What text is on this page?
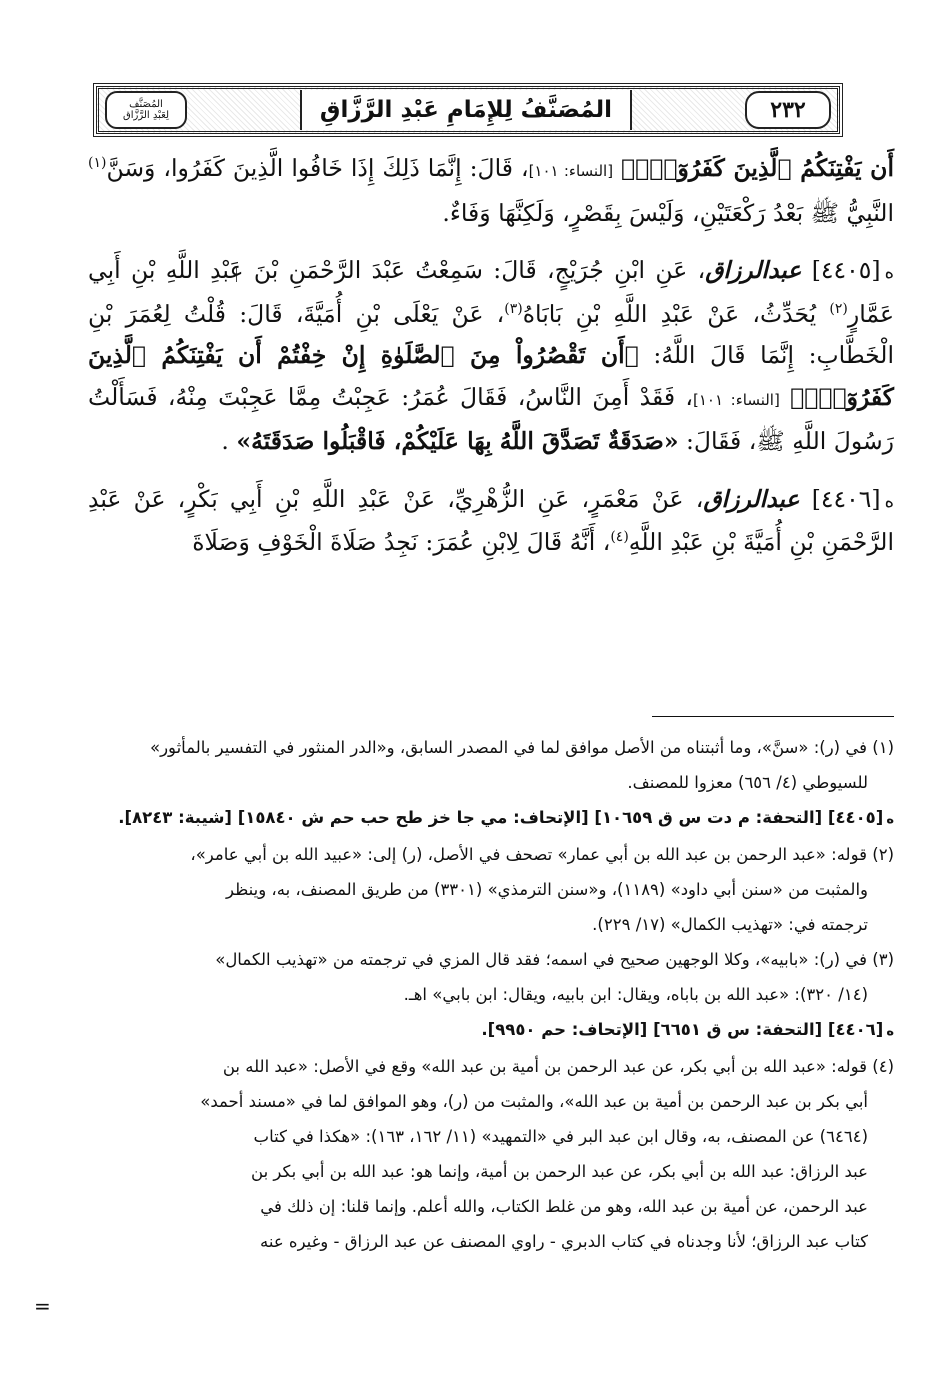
المُصَنَّف
لِعَبْدِ الرَّزَّاق	المُصَنَّفُ لِلإِمَامِ عَبْدِ الرَّزَّاقِ	٢٣٢

أَن يَفْتِنَكُمُ ٱلَّذِينَ كَفَرُوٓاْۚ﴾ [النساء: ١٠١]، قَالَ: إِنَّمَا ذَلِكَ إِذَا خَافُوا الَّذِينَ كَفَرُوا، وَسَنَّ$^{(١)}$ النَّبِيُّ ﷺ بَعْدُ رَكْعَتَيْنِ، وَلَيْسَ بِقَصْرٍ، وَلَكِنَّهَا وَفَاءٌ.

ه[٤٤٠٥] عبدالرزاق، عَنِ ابْنِ جُرَيْجٍ، قَالَ: سَمِعْتُ عَبْدَ الرَّحْمَنِ بْنَ عَبْدِ اللَّهِ بْنِ أَبِي عَمَّارٍ$^{(٢)}$ يُحَدِّثُ، عَنْ عَبْدِ اللَّهِ بْنِ بَابَاهُ$^{(٣)}$، عَنْ يَعْلَى بْنِ أُمَيَّةَ، قَالَ: قُلْتُ لِعُمَرَ بْنِ الْخَطَّابِ: إِنَّمَا قَالَ اللَّهُ: ﴿أَن تَقْصُرُواْ مِنَ ٱلصَّلَوٰةِ إِنْ خِفْتُمْ أَن يَفْتِنَكُمُ ٱلَّذِينَ كَفَرُوٓاْۚ﴾ [النساء: ١٠١]، فَقَدْ أَمِنَ النَّاسُ، فَقَالَ عُمَرُ: عَجِبْتُ مِمَّا عَجِبْتَ مِنْهُ، فَسَأَلْتُ رَسُولَ اللَّهِ ﷺ، فَقَالَ: «صَدَقَةٌ تَصَدَّقَ اللَّهُ بِهَا عَلَيْكُمْ، فَاقْبَلُوا صَدَقَتَهُ» .

ه[٤٤٠٦] عبدالرزاق، عَنْ مَعْمَرٍ، عَنِ الزُّهْرِيِّ، عَنْ عَبْدِ اللَّهِ بْنِ أَبِي بَكْرٍ، عَنْ عَبْدِ الرَّحْمَنِ بْنِ أُمَيَّةَ بْنِ عَبْدِ اللَّهِ$^{(٤)}$، أَنَّهُ قَالَ لِابْنِ عُمَرَ: نَجِدُ صَلَاةَ الْخَوْفِ وَصَلَاةَ

(١) في (ر): «سنَّ»، وما أثبتناه من الأصل موافق لما في المصدر السابق، و«الدر المنثور في التفسير بالمأثور»

للسيوطي (٤/ ٦٥٦) معزوا للمصنف.

ه[٤٤٠٥] [التحفة: م دت س ق ١٠٦٥٩] [الإتحاف: مي جا خز طح حب حم ش ١٥٨٤٠] [شيبة: ٨٢٤٣].

(٢) قوله: «عبد الرحمن بن عبد الله بن أبي عمار» تصحف في الأصل، (ر) إلى: «عبيد الله بن أبي عامر»،

والمثبت من «سنن أبي داود» (١١٨٩)، و«سنن الترمذي» (٣٣٠١) من طريق المصنف، به، وينظر

ترجمته في: «تهذيب الكمال» (١٧/ ٢٢٩).

(٣) في (ر): «بابيه»، وكلا الوجهين صحيح في اسمه؛ فقد قال المزي في ترجمته من «تهذيب الكمال»

(١٤/ ٣٢٠): «عبد الله بن باباه، ويقال: ابن بابيه، ويقال: ابن بابي» اهـ.

ه[٤٤٠٦] [التحفة: س ق ٦٦٥١] [الإتحاف: حم ٩٩٥٠].

(٤) قوله: «عبد الله بن أبي بكر، عن عبد الرحمن بن أمية بن عبد الله» وقع في الأصل: «عبد الله بن

أبي بكر بن عبد الرحمن بن أمية بن عبد الله»، والمثبت من (ر)، وهو الموافق لما في «مسند أحمد»

(٦٤٦٤) عن المصنف، به، وقال ابن عبد البر في «التمهيد» (١١/ ١٦٢، ١٦٣): «هكذا في كتاب

عبد الرزاق: عبد الله بن أبي بكر، عن عبد الرحمن بن أمية، وإنما هو: عبد الله بن أبي بكر بن

عبد الرحمن، عن أمية بن عبد الله، وهو من غلط الكتاب، والله أعلم. وإنما قلنا: إن ذلك في

كتاب عبد الرزاق؛ لأنا وجدناه في كتاب الدبري - راوي المصنف عن عبد الرزاق - وغيره عنه

=
